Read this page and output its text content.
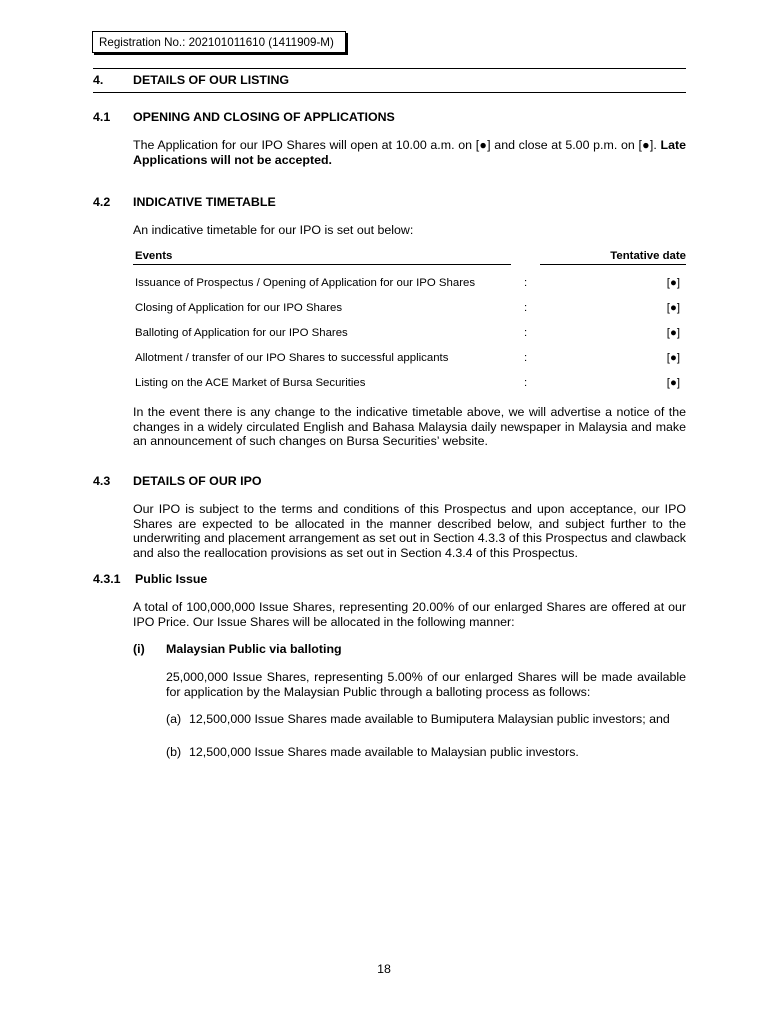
Registration No.: 202101011610 (1411909-M)
4. DETAILS OF OUR LISTING
4.1 OPENING AND CLOSING OF APPLICATIONS
The Application for our IPO Shares will open at 10.00 a.m. on [●] and close at 5.00 p.m. on [●]. Late Applications will not be accepted.
4.2 INDICATIVE TIMETABLE
An indicative timetable for our IPO is set out below:
Events	Tentative date
Issuance of Prospectus / Opening of Application for our IPO Shares	:	[●]
Closing of Application for our IPO Shares	:	[●]
Balloting of Application for our IPO Shares	:	[●]
Allotment / transfer of our IPO Shares to successful applicants	:	[●]
Listing on the ACE Market of Bursa Securities	:	[●]
In the event there is any change to the indicative timetable above, we will advertise a notice of the changes in a widely circulated English and Bahasa Malaysia daily newspaper in Malaysia and make an announcement of such changes on Bursa Securities’ website.
4.3 DETAILS OF OUR IPO
Our IPO is subject to the terms and conditions of this Prospectus and upon acceptance, our IPO Shares are expected to be allocated in the manner described below, and subject further to the underwriting and placement arrangement as set out in Section 4.3.3 of this Prospectus and clawback and also the reallocation provisions as set out in Section 4.3.4 of this Prospectus.
4.3.1 Public Issue
A total of 100,000,000 Issue Shares, representing 20.00% of our enlarged Shares are offered at our IPO Price. Our Issue Shares will be allocated in the following manner:
(i) Malaysian Public via balloting
25,000,000 Issue Shares, representing 5.00% of our enlarged Shares will be made available for application by the Malaysian Public through a balloting process as follows:
(a) 12,500,000 Issue Shares made available to Bumiputera Malaysian public investors; and
(b) 12,500,000 Issue Shares made available to Malaysian public investors.
18
